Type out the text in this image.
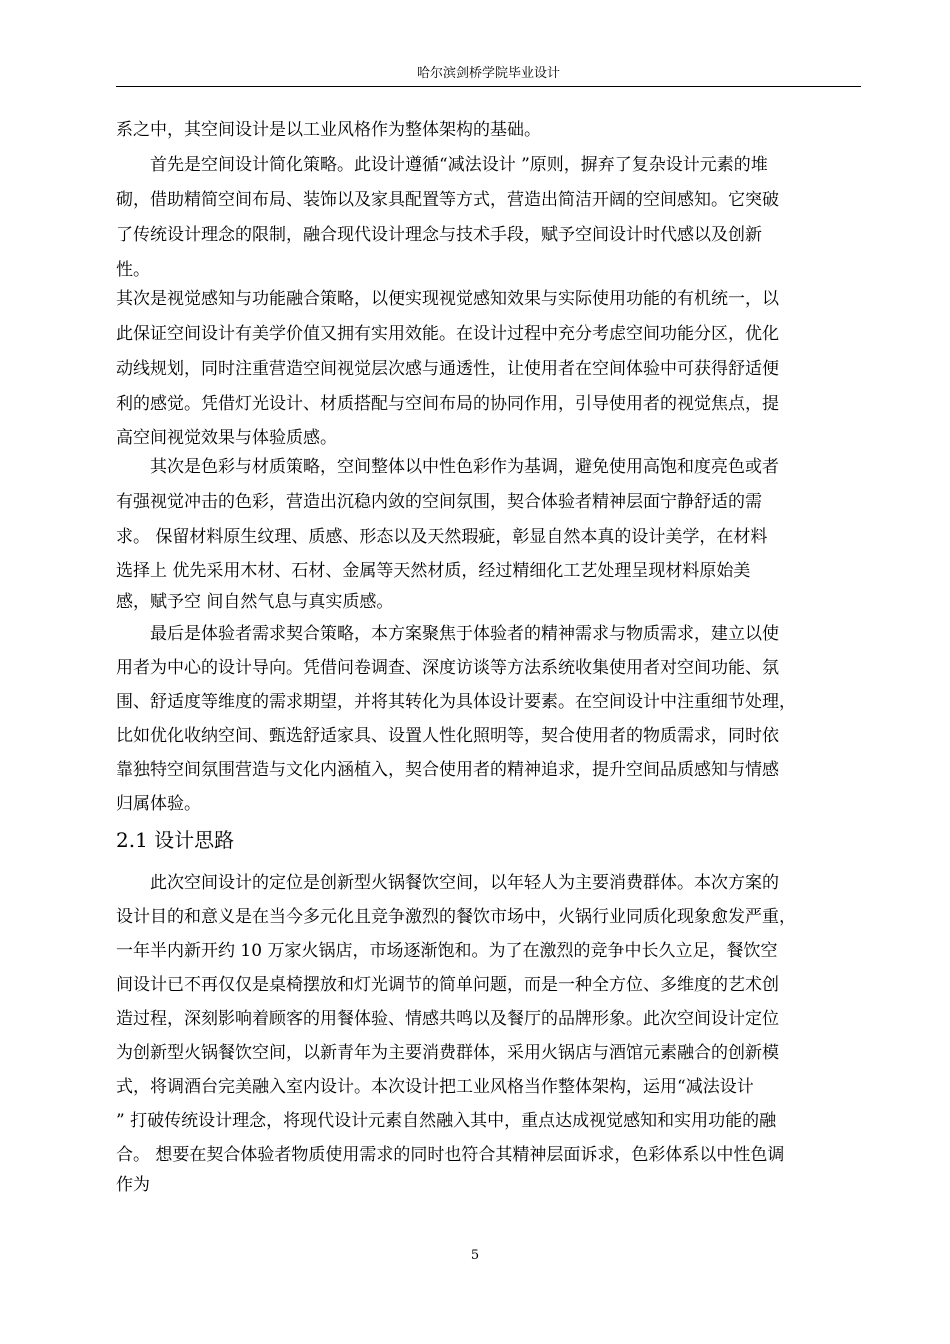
哈尔滨剑桥学院毕业设计
系之中，其空间设计是以工业风格作为整体架构的基础。
　　首先是空间设计简化策略。此设计遵循“减法设计 ”原则，摒弃了复杂设计元素的堆
砌，借助精简空间布局、装饰以及家具配置等方式，营造出简洁开阔的空间感知。它突破
了传统设计理念的限制，融合现代设计理念与技术手段，赋予空间设计时代感以及创新
性。
其次是视觉感知与功能融合策略，以便实现视觉感知效果与实际使用功能的有机统一，以
此保证空间设计有美学价值又拥有实用效能。在设计过程中充分考虑空间功能分区，优化
动线规划，同时注重营造空间视觉层次感与通透性，让使用者在空间体验中可获得舒适便
利的感觉。凭借灯光设计、材质搭配与空间布局的协同作用，引导使用者的视觉焦点，提
高空间视觉效果与体验质感。
　　其次是色彩与材质策略，空间整体以中性色彩作为基调，避免使用高饱和度亮色或者
有强视觉冲击的色彩，营造出沉稳内敛的空间氛围，契合体验者精神层面宁静舒适的需
求。 保留材料原生纹理、质感、形态以及天然瑕疵，彰显自然本真的设计美学，在材料
选择上 优先采用木材、石材、金属等天然材质，经过精细化工艺处理呈现材料原始美
感，赋予空 间自然气息与真实质感。
　　最后是体验者需求契合策略，本方案聚焦于体验者的精神需求与物质需求，建立以使
用者为中心的设计导向。凭借问卷调查、深度访谈等方法系统收集使用者对空间功能、氛
围、舒适度等维度的需求期望，并将其转化为具体设计要素。在空间设计中注重细节处理，
比如优化收纳空间、甄选舒适家具、设置人性化照明等，契合使用者的物质需求，同时依
靠独特空间氛围营造与文化内涵植入，契合使用者的精神追求，提升空间品质感知与情感
归属体验。
2.1 设计思路
　　此次空间设计的定位是创新型火锅餐饮空间，以年轻人为主要消费群体。本次方案的
设计目的和意义是在当今多元化且竞争激烈的餐饮市场中，火锅行业同质化现象愈发严重，
一年半内新开约 10 万家火锅店，市场逐渐饱和。为了在激烈的竞争中长久立足，餐饮空
间设计已不再仅仅是桌椅摆放和灯光调节的简单问题，而是一种全方位、多维度的艺术创
造过程，深刻影响着顾客的用餐体验、情感共鸣以及餐厅的品牌形象。此次空间设计定位
为创新型火锅餐饮空间，以新青年为主要消费群体，采用火锅店与酒馆元素融合的创新模
式，将调酒台完美融入室内设计。本次设计把工业风格当作整体架构，运用“减法设计
” 打破传统设计理念，将现代设计元素自然融入其中，重点达成视觉感知和实用功能的融
合。 想要在契合体验者物质使用需求的同时也符合其精神层面诉求，色彩体系以中性色调
作为
5
